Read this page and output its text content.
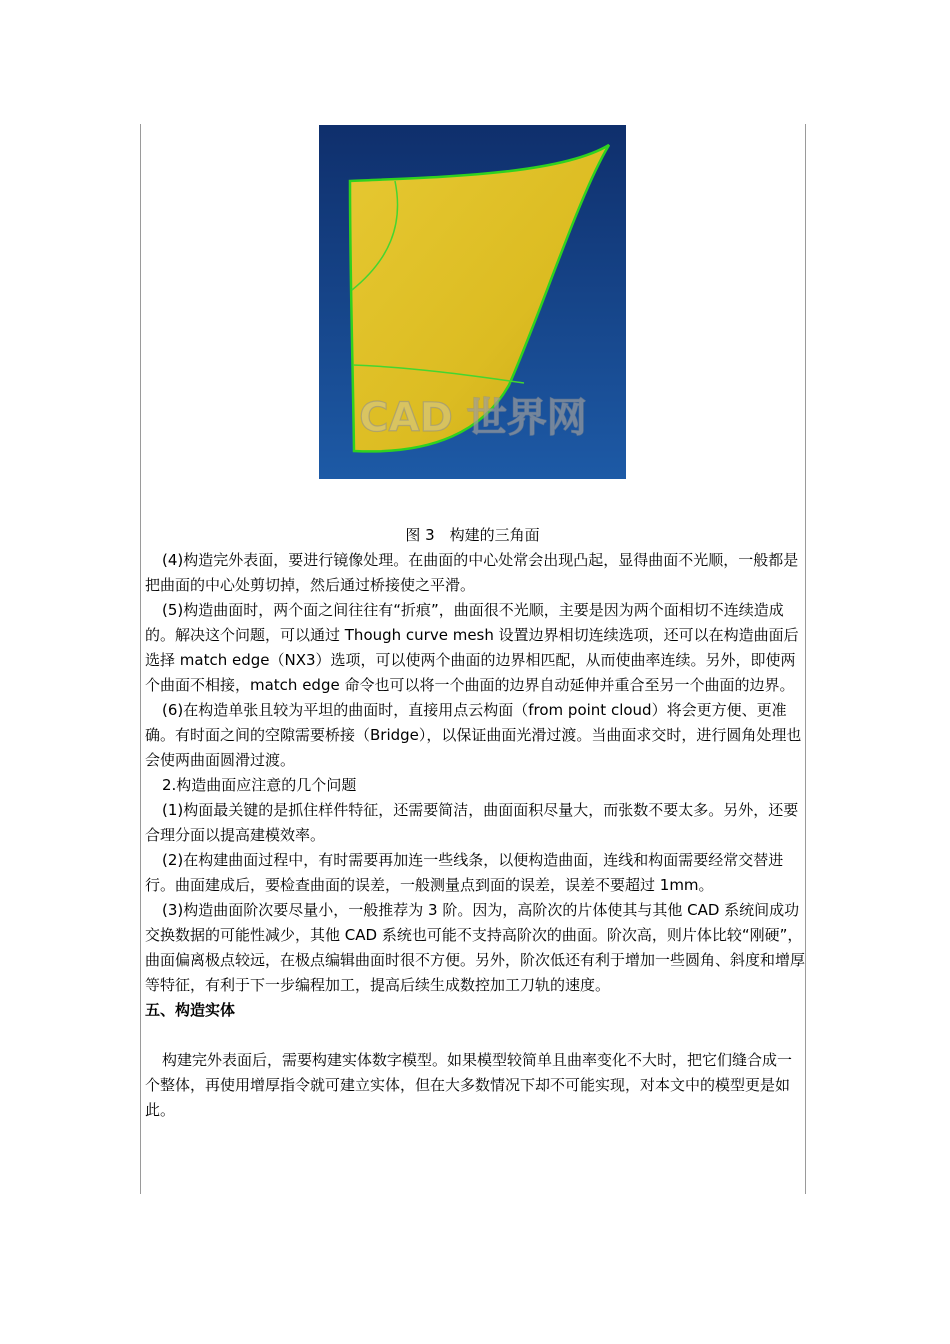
CAD 世界网
图 3　构建的三角面

(4)构造完外表面，要进行镜像处理。在曲面的中心处常会出现凸起，显得曲面不光顺，一般都是把曲面的中心处剪切掉，然后通过桥接使之平滑。

(5)构造曲面时，两个面之间往往有“折痕”，曲面很不光顺，主要是因为两个面相切不连续造成的。解决这个问题，可以通过 Though curve mesh 设置边界相切连续选项，还可以在构造曲面后选择 match edge（NX3）选项，可以使两个曲面的边界相匹配，从而使曲率连续。另外，即使两个曲面不相接，match edge 命令也可以将一个曲面的边界自动延伸并重合至另一个曲面的边界。

(6)在构造单张且较为平坦的曲面时，直接用点云构面（from point cloud）将会更方便、更准确。有时面之间的空隙需要桥接（Bridge），以保证曲面光滑过渡。当曲面求交时，进行圆角处理也会使两曲面圆滑过渡。

2.构造曲面应注意的几个问题

(1)构面最关键的是抓住样件特征，还需要简洁，曲面面积尽量大，而张数不要太多。另外，还要合理分面以提高建模效率。

(2)在构建曲面过程中，有时需要再加连一些线条，以便构造曲面，连线和构面需要经常交替进行。曲面建成后，要检查曲面的误差，一般测量点到面的误差，误差不要超过 1mm。

(3)构造曲面阶次要尽量小，一般推荐为 3 阶。因为，高阶次的片体使其与其他 CAD 系统间成功交换数据的可能性减少，其他 CAD 系统也可能不支持高阶次的曲面。阶次高，则片体比较“刚硬”，曲面偏离极点较远，在极点编辑曲面时很不方便。另外，阶次低还有利于增加一些圆角、斜度和增厚等特征，有利于下一步编程加工，提高后续生成数控加工刀轨的速度。

五、构造实体

构建完外表面后，需要构建实体数字模型。如果模型较简单且曲率变化不大时，把它们缝合成一个整体，再使用增厚指令就可建立实体，但在大多数情况下却不可能实现，对本文中的模型更是如此。
